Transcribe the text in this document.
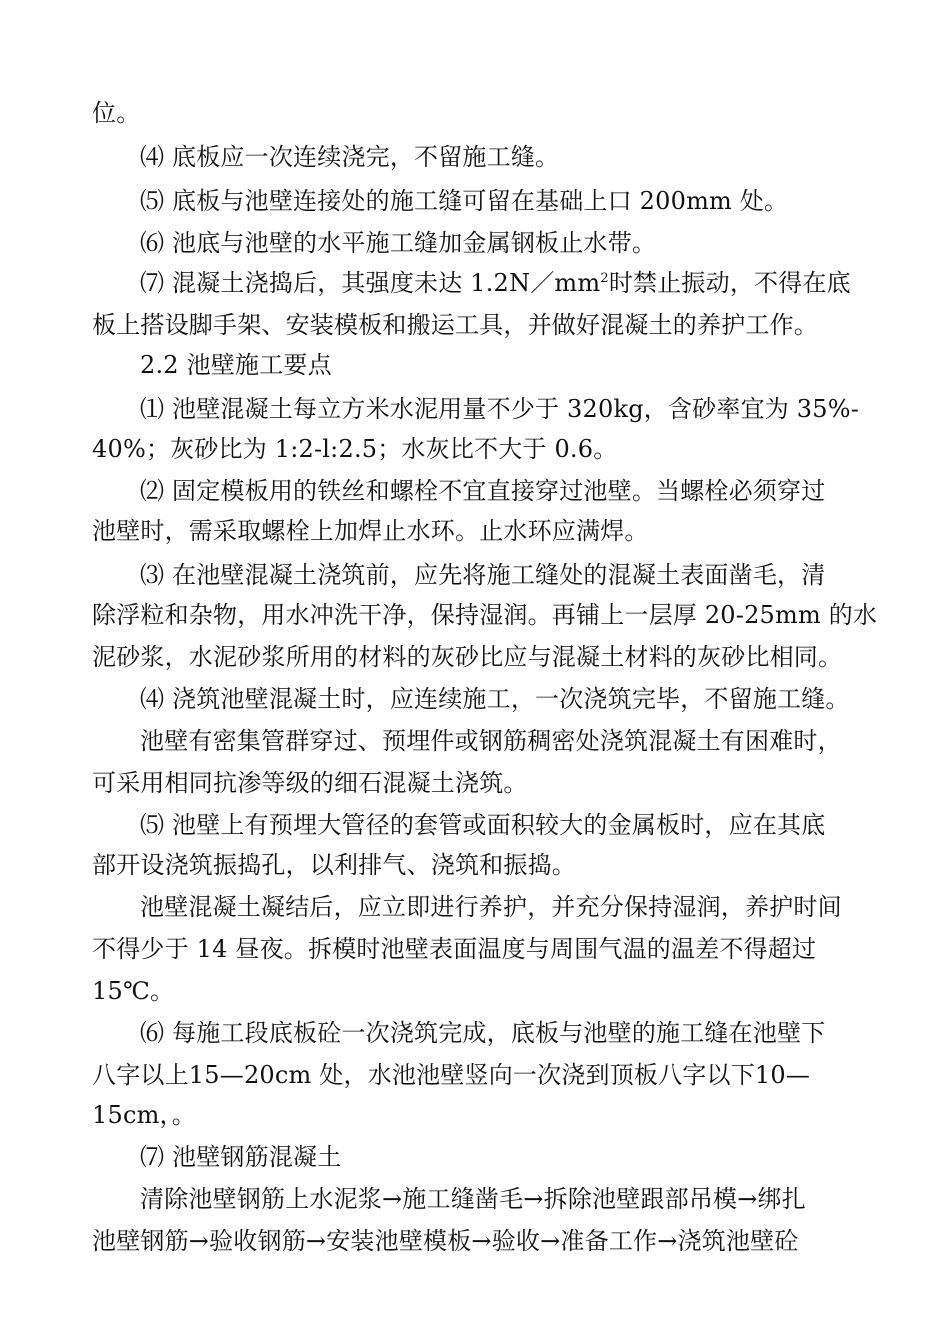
位。
⑷ 底板应一次连续浇完，不留施工缝。
⑸ 底板与池壁连接处的施工缝可留在基础上口 200mm 处。
⑹ 池底与池壁的水平施工缝加金属钢板止水带。
⑺ 混凝土浇捣后，其强度未达 $1.2N/mm^2$时禁止振动，不得在底
板上搭设脚手架、安装模板和搬运工具，并做好混凝土的养护工作。
2.2 池壁施工要点
⑴ 池壁混凝土每立方米水泥用量不少于 320kg，含砂率宜为 35%-
40%；灰砂比为 1:2-l:2.5；水灰比不大于 0.6。
⑵ 固定模板用的铁丝和螺栓不宜直接穿过池壁。当螺栓必须穿过
池壁时，需采取螺栓上加焊止水环。止水环应满焊。
⑶ 在池壁混凝土浇筑前，应先将施工缝处的混凝土表面凿毛，清
除浮粒和杂物，用水冲洗干净，保持湿润。再铺上一层厚 20-25mm 的水
泥砂浆，水泥砂浆所用的材料的灰砂比应与混凝土材料的灰砂比相同。
⑷ 浇筑池壁混凝土时，应连续施工，一次浇筑完毕，不留施工缝。
池壁有密集管群穿过、预埋件或钢筋稠密处浇筑混凝土有困难时，
可采用相同抗渗等级的细石混凝土浇筑。
⑸ 池壁上有预埋大管径的套管或面积较大的金属板时，应在其底
部开设浇筑振捣孔，以利排气、浇筑和振捣。
池壁混凝土凝结后，应立即进行养护，并充分保持湿润，养护时间
不得少于 14 昼夜。拆模时池壁表面温度与周围气温的温差不得超过
15℃。
⑹ 每施工段底板砼一次浇筑完成，底板与池壁的施工缝在池壁下
八字以上15—20cm 处，水池池壁竖向一次浇到顶板八字以下10—
15cm，。
⑺ 池壁钢筋混凝土
清除池壁钢筋上水泥浆→施工缝凿毛→拆除池壁跟部吊模→绑扎
池壁钢筋→验收钢筋→安装池壁模板→验收→准备工作→浇筑池壁砼
